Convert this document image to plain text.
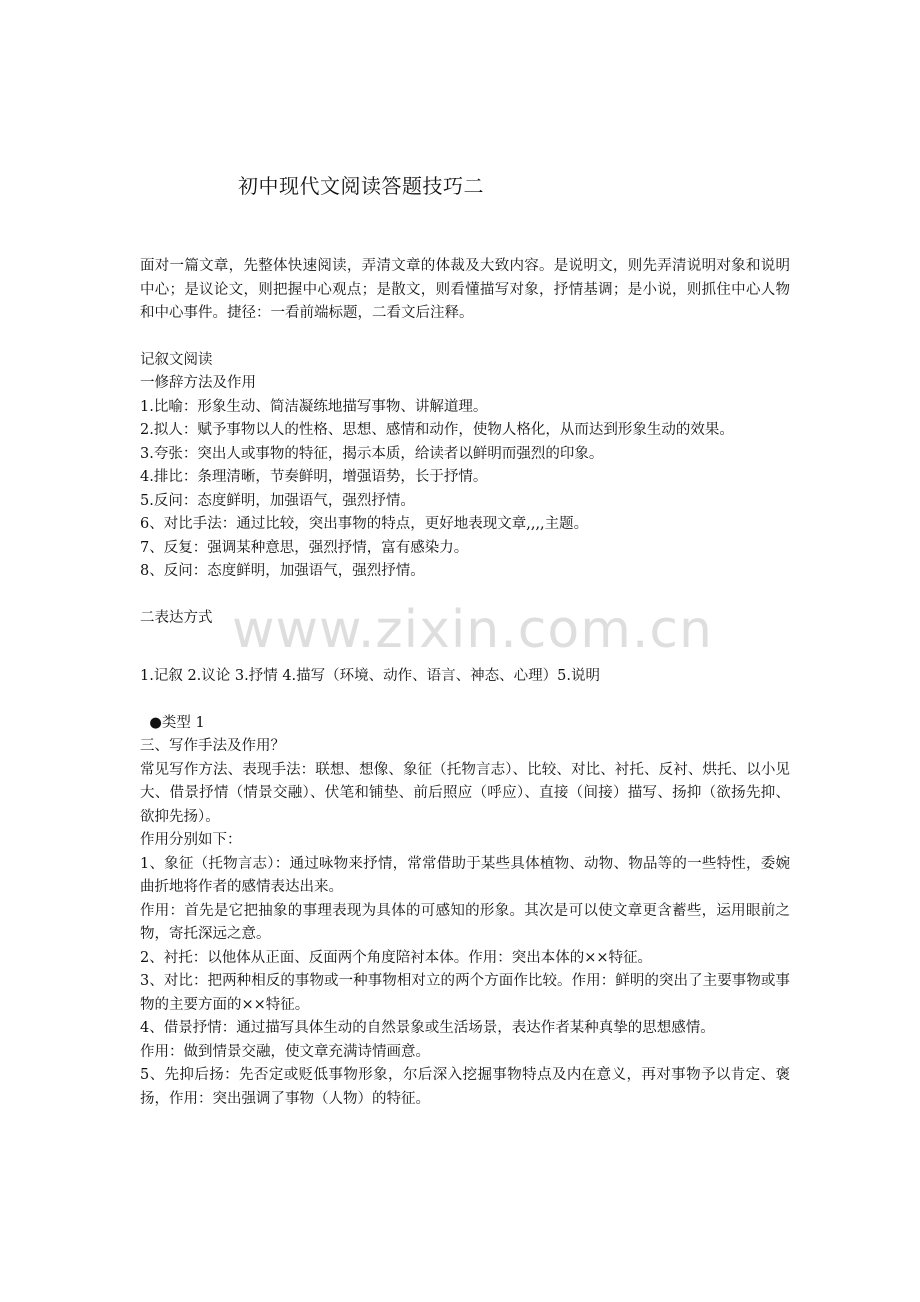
初中现代文阅读答题技巧二

面对一篇文章，先整体快速阅读，弄清文章的体裁及大致内容。是说明文，则先弄清说明对象和说明中心；是议论文，则把握中心观点；是散文，则看懂描写对象，抒情基调；是小说，则抓住中心人物和中心事件。捷径：一看前端标题，二看文后注释。

记叙文阅读

一修辞方法及作用

1.比喻：形象生动、简洁凝练地描写事物、讲解道理。

2.拟人：赋予事物以人的性格、思想、感情和动作，使物人格化，从而达到形象生动的效果。

3.夸张：突出人或事物的特征，揭示本质，给读者以鲜明而强烈的印象。

4.排比：条理清晰，节奏鲜明，增强语势，长于抒情。

5.反问：态度鲜明，加强语气，强烈抒情。

6、对比手法：通过比较，突出事物的特点，更好地表现文章,,,,主题。

7、反复：强调某种意思，强烈抒情，富有感染力。

8、反问：态度鲜明，加强语气，强烈抒情。

二表达方式

1.记叙 2.议论 3.抒情 4.描写（环境、动作、语言、神态、心理）5.说明

●类型 1

三、写作手法及作用？

常见写作方法、表现手法：联想、想像、象征（托物言志）、比较、对比、衬托、反衬、烘托、以小见大、借景抒情（情景交融）、伏笔和铺垫、前后照应（呼应）、直接（间接）描写、扬抑（欲扬先抑、欲抑先扬）。

作用分别如下：

1、象征（托物言志）：通过咏物来抒情，常常借助于某些具体植物、动物、物品等的一些特性，委婉曲折地将作者的感情表达出来。

作用：首先是它把抽象的事理表现为具体的可感知的形象。其次是可以使文章更含蓄些，运用眼前之物，寄托深远之意。

2、衬托：以他体从正面、反面两个角度陪衬本体。作用：突出本体的××特征。

3、对比：把两种相反的事物或一种事物相对立的两个方面作比较。作用：鲜明的突出了主要事物或事物的主要方面的××特征。

4、借景抒情：通过描写具体生动的自然景象或生活场景，表达作者某种真挚的思想感情。

作用：做到情景交融，使文章充满诗情画意。

5、先抑后扬：先否定或贬低事物形象，尔后深入挖掘事物特点及内在意义，再对事物予以肯定、褒扬，作用：突出强调了事物（人物）的特征。

www.zixin.com.cn
